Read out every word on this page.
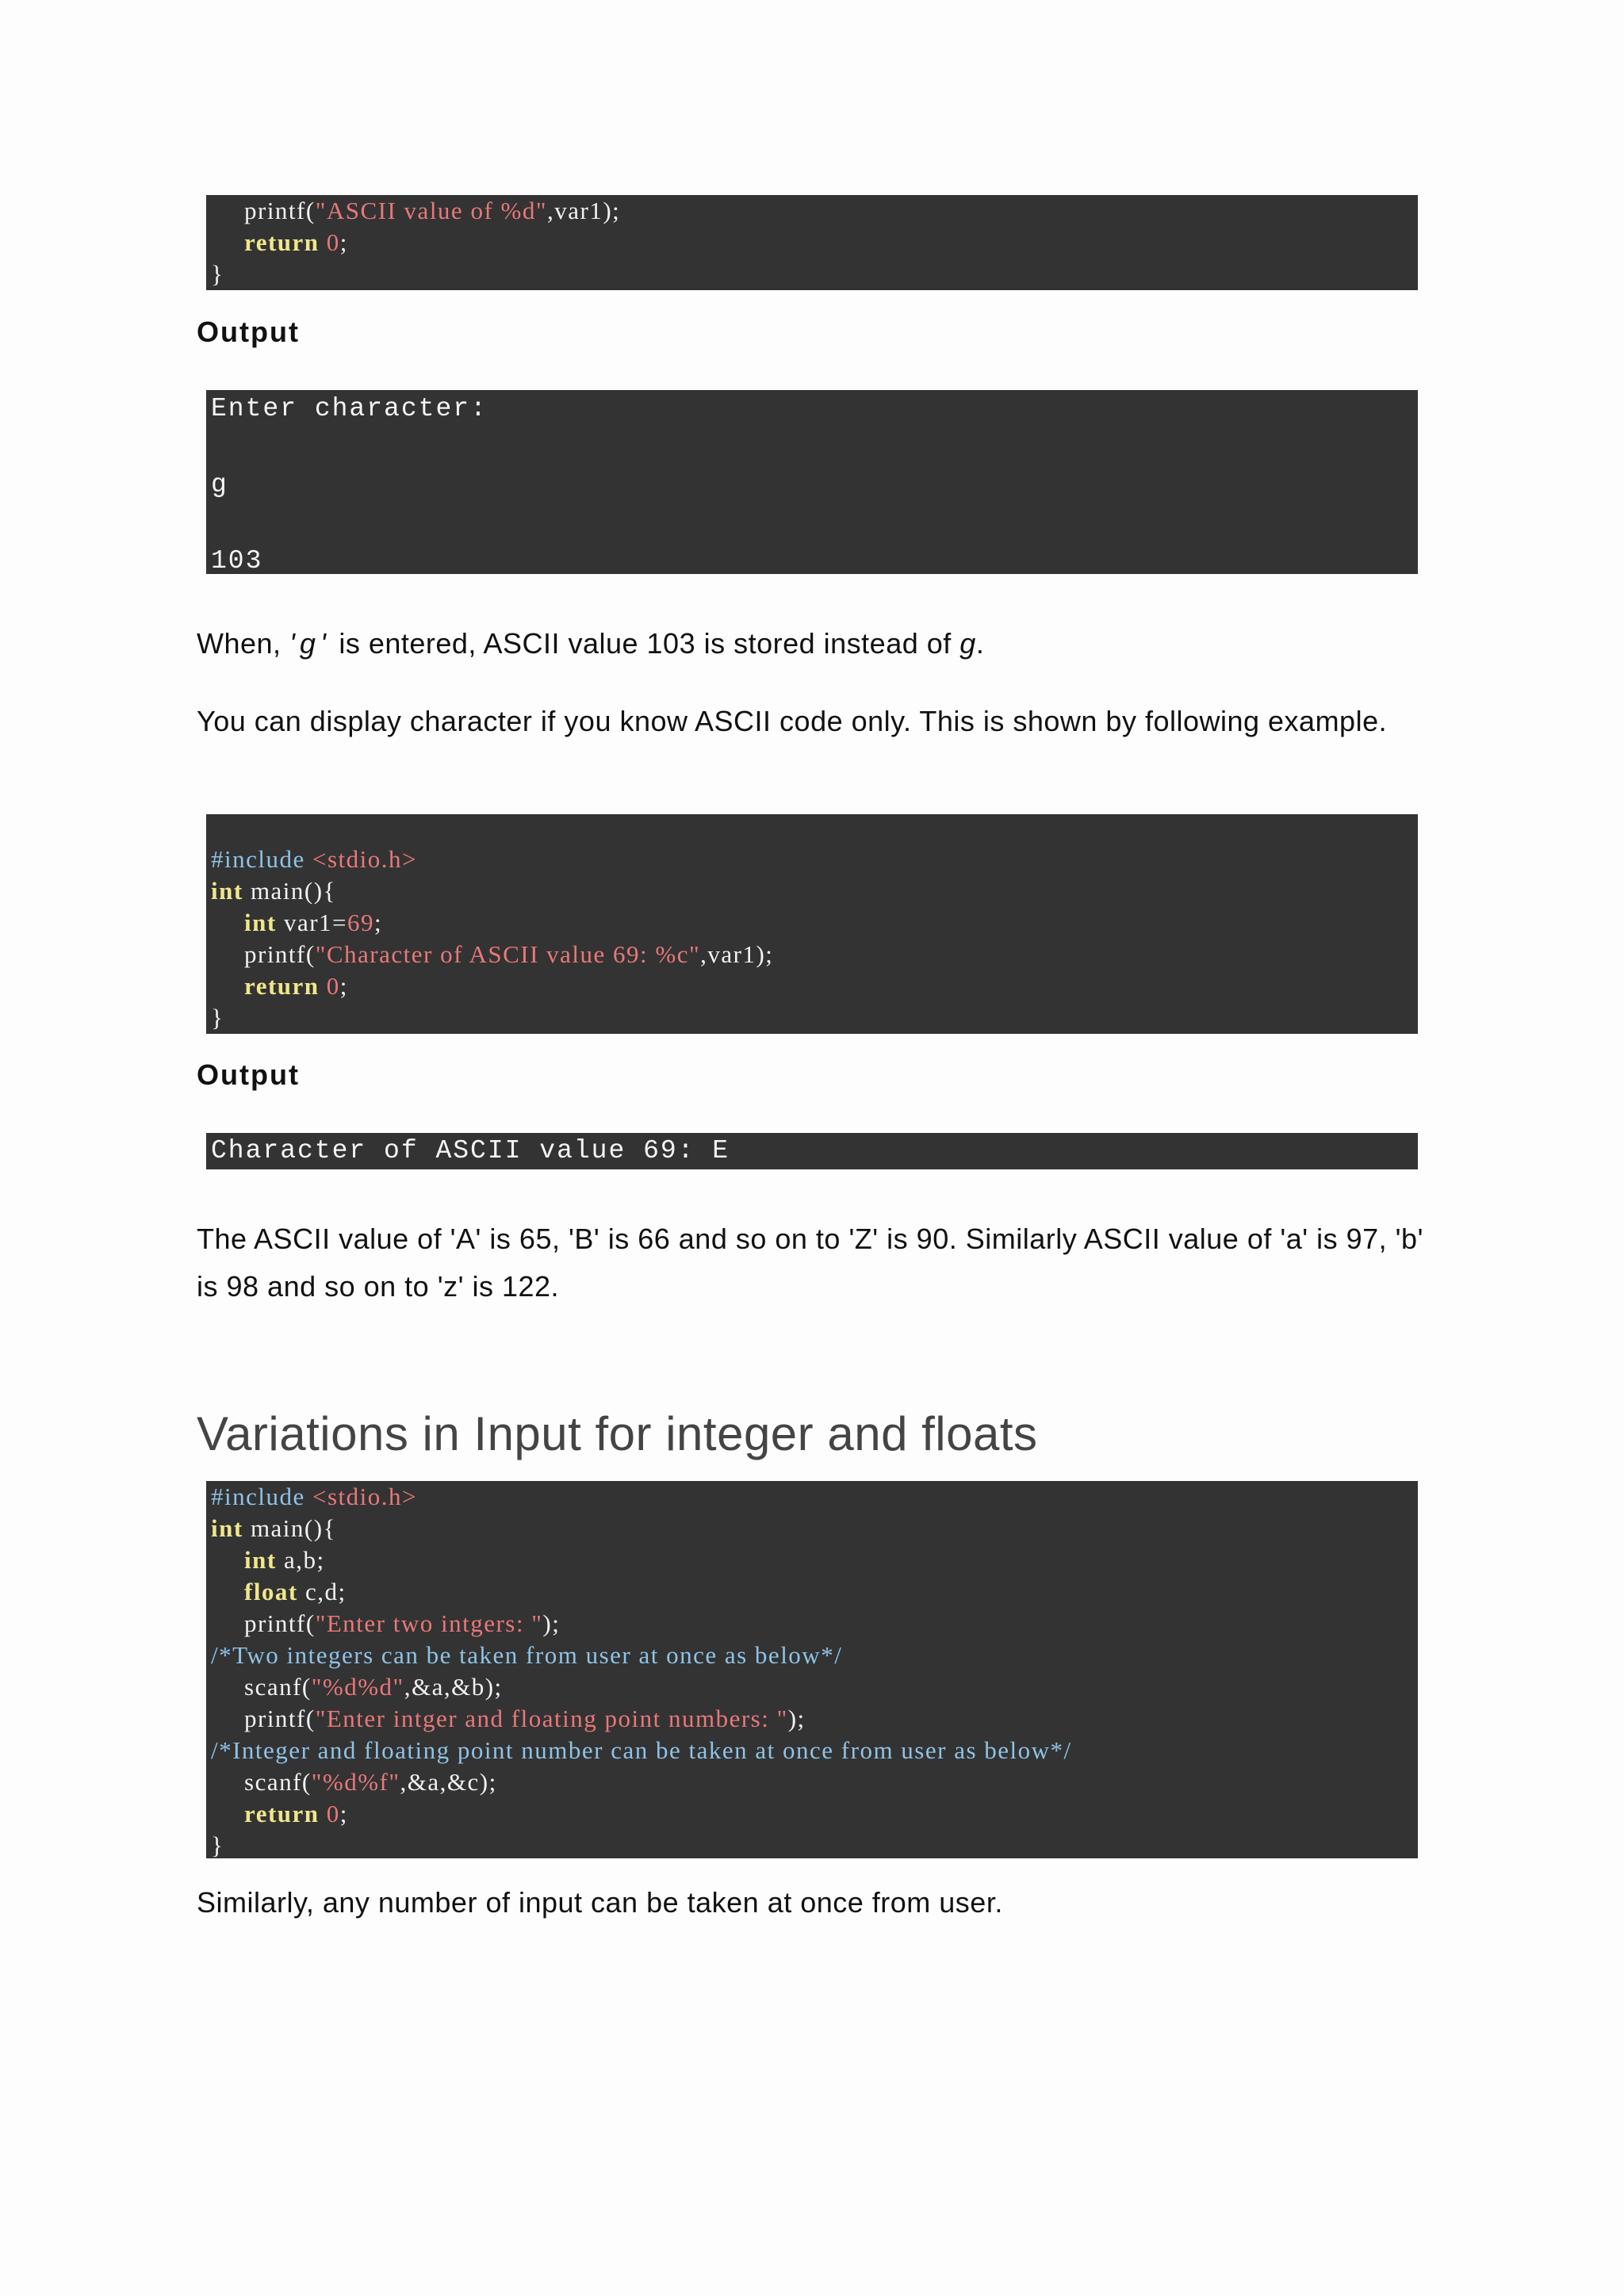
printf("ASCII value of %d",var1);
return 0;
}
Output
Enter character:
g
103
When, 'g' is entered, ASCII value 103 is stored instead of g.
You can display character if you know ASCII code only. This is shown by following example.
#include <stdio.h>
int main(){
int var1=69;
printf("Character of ASCII value 69: %c",var1);
return 0;
}
Output
Character of ASCII value 69: E
The ASCII value of 'A' is 65, 'B' is 66 and so on to 'Z' is 90. Similarly ASCII value of 'a' is 97, 'b' is 98 and so on to 'z' is 122.
Variations in Input for integer and floats
#include <stdio.h>
int main(){
int a,b;
float c,d;
printf("Enter two intgers: ");
/*Two integers can be taken from user at once as below*/
scanf("%d%d",&a,&b);
printf("Enter intger and floating point numbers: ");
/*Integer and floating point number can be taken at once from user as below*/
scanf("%d%f",&a,&c);
return 0;
}
Similarly, any number of input can be taken at once from user.
